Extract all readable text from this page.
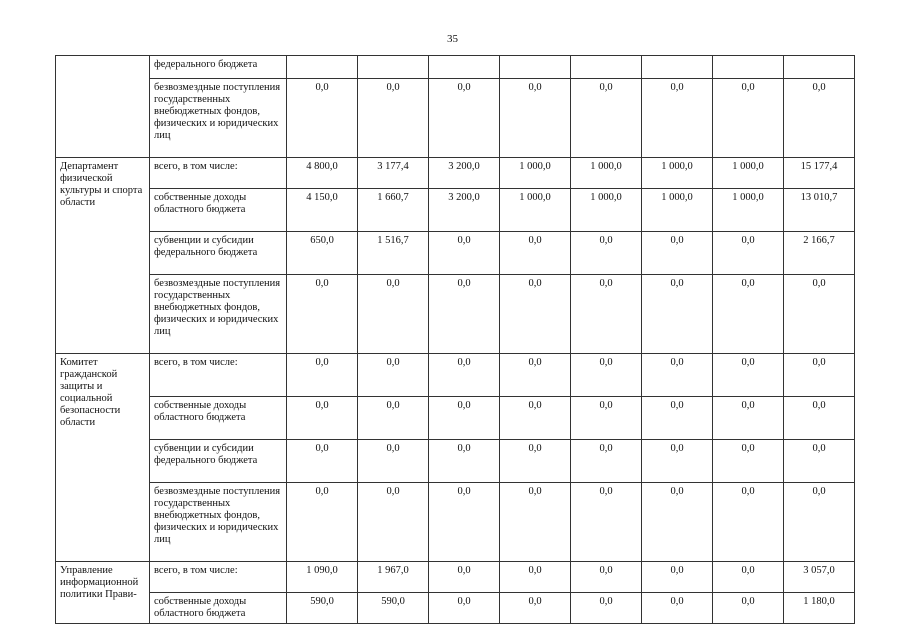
35
	федерального бюджета								
	безвозмездные поступления государственных внебюджетных фондов, физических и юридических лиц	0,0	0,0	0,0	0,0	0,0	0,0	0,0	0,0
Департамент физической культуры и спорта области	всего, в том числе:	4 800,0	3 177,4	3 200,0	1 000,0	1 000,0	1 000,0	1 000,0	15 177,4
	собственные доходы областного бюджета	4 150,0	1 660,7	3 200,0	1 000,0	1 000,0	1 000,0	1 000,0	13 010,7
	субвенции и субсидии федерального бюджета	650,0	1 516,7	0,0	0,0	0,0	0,0	0,0	2 166,7
	безвозмездные поступления государственных внебюджетных фондов, физических и юридических лиц	0,0	0,0	0,0	0,0	0,0	0,0	0,0	0,0
Комитет гражданской защиты и социальной безопасности области	всего, в том числе:	0,0	0,0	0,0	0,0	0,0	0,0	0,0	0,0
	собственные доходы областного бюджета	0,0	0,0	0,0	0,0	0,0	0,0	0,0	0,0
	субвенции и субсидии федерального бюджета	0,0	0,0	0,0	0,0	0,0	0,0	0,0	0,0
	безвозмездные поступления государственных внебюджетных фондов, физических и юридических лиц	0,0	0,0	0,0	0,0	0,0	0,0	0,0	0,0
Управление информационной политики Прави-	всего, в том числе:	1 090,0	1 967,0	0,0	0,0	0,0	0,0	0,0	3 057,0
	собственные доходы областного бюджета	590,0	590,0	0,0	0,0	0,0	0,0	0,0	1 180,0
